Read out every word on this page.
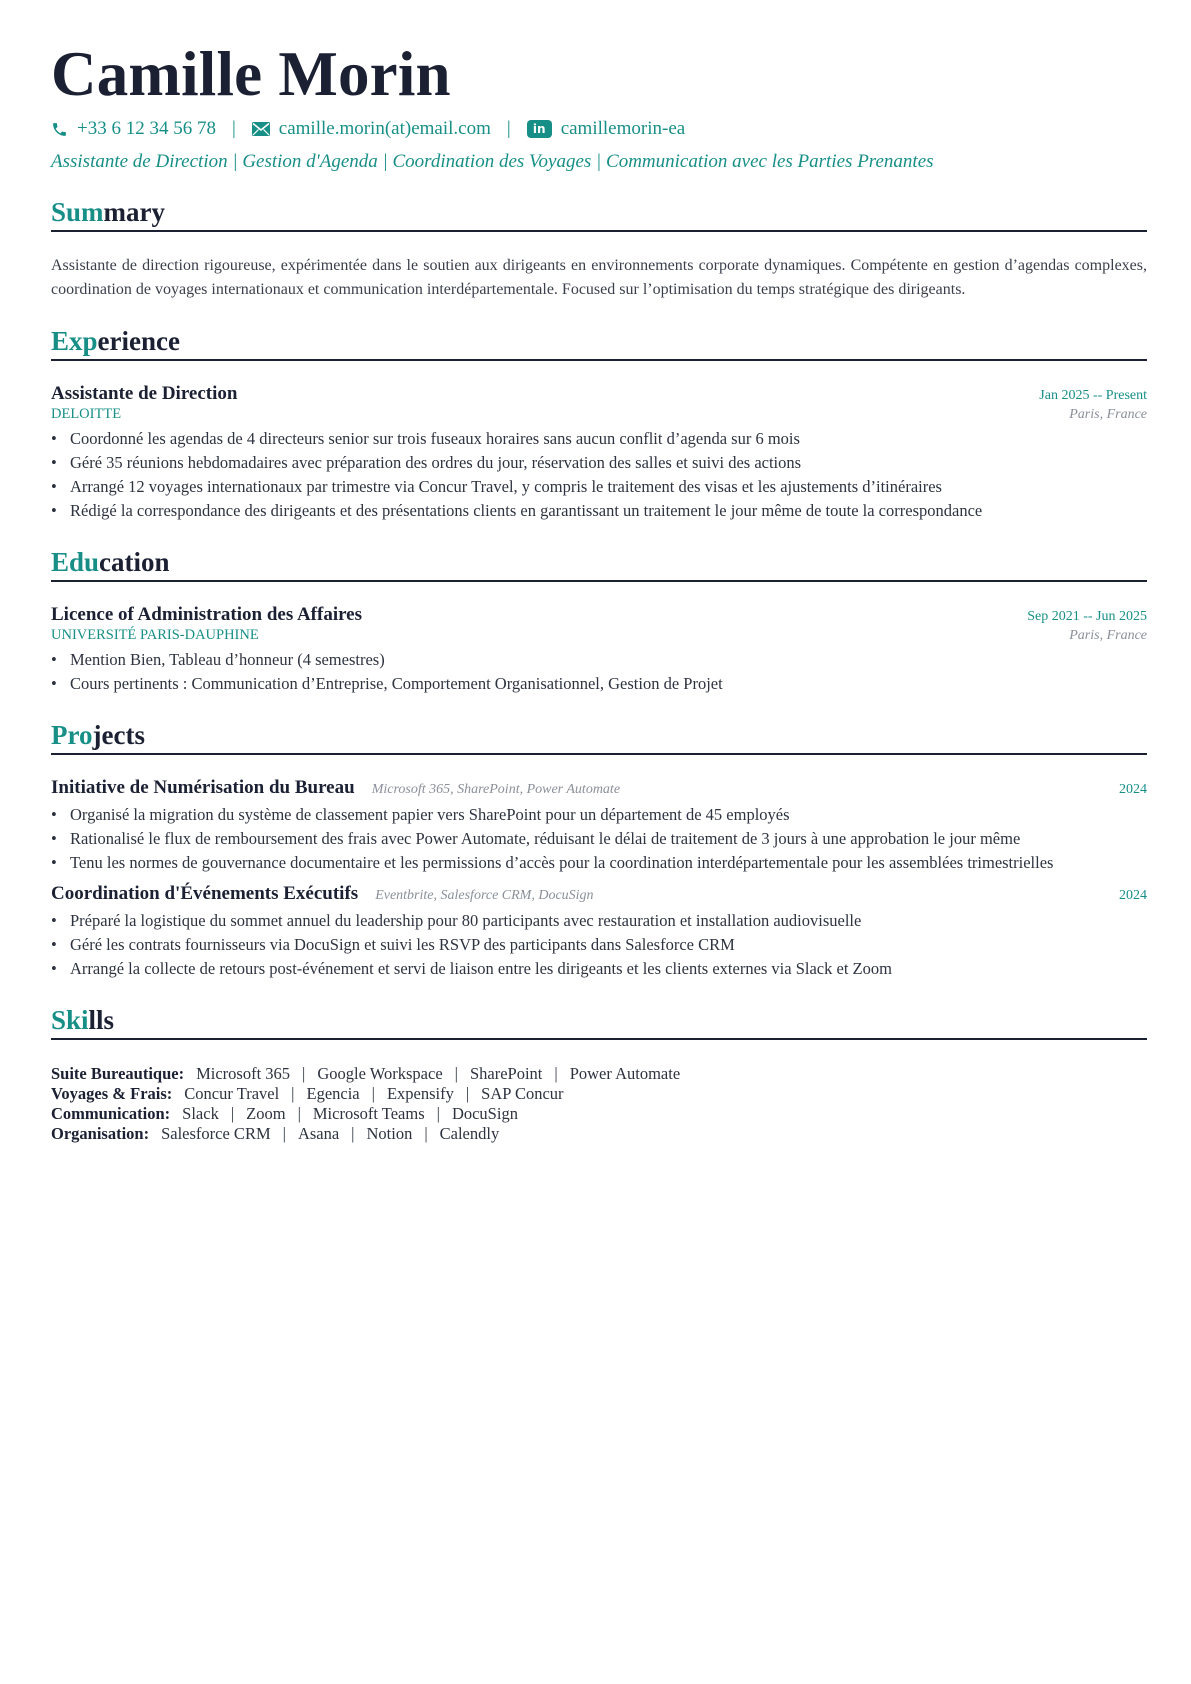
Camille Morin
+33 6 12 34 56 78 | camille.morin(at)email.com |	in camillemorin-ea
Assistante de Direction | Gestion d'Agenda | Coordination des Voyages | Communication avec les Parties Prenantes
Summary
Assistante de direction rigoureuse, expérimentée dans le soutien aux dirigeants en environnements corporate dynamiques. Compétente en gestion d’agendas complexes, coordination de voyages internationaux et communication interdépartementale. Focused sur l’optimisation du temps stratégique des dirigeants.
Experience
Assistante de Direction	Jan 2025 -- Present
DELOITTE	Paris, France
• Coordonné les agendas de 4 directeurs senior sur trois fuseaux horaires sans aucun conflit d’agenda sur 6 mois
• Géré 35 réunions hebdomadaires avec préparation des ordres du jour, réservation des salles et suivi des actions
• Arrangé 12 voyages internationaux par trimestre via Concur Travel, y compris le traitement des visas et les ajustements d’itinéraires
• Rédigé la correspondance des dirigeants et des présentations clients en garantissant un traitement le jour même de toute la correspondance
Education
Licence of Administration des Affaires	Sep 2021 -- Jun 2025
UNIVERSITÉ PARIS-DAUPHINE	Paris, France
• Mention Bien, Tableau d’honneur (4 semestres)
• Cours pertinents : Communication d’Entreprise, Comportement Organisationnel, Gestion de Projet
Projects
Initiative de Numérisation du Bureau Microsoft 365, SharePoint, Power Automate	2024
• Organisé la migration du système de classement papier vers SharePoint pour un département de 45 employés
• Rationalisé le flux de remboursement des frais avec Power Automate, réduisant le délai de traitement de 3 jours à une approbation le jour même
• Tenu les normes de gouvernance documentaire et les permissions d’accès pour la coordination interdépartementale pour les assemblées trimestrielles
Coordination d'Événements Exécutifs Eventbrite, Salesforce CRM, DocuSign	2024
• Préparé la logistique du sommet annuel du leadership pour 80 participants avec restauration et installation audiovisuelle
• Géré les contrats fournisseurs via DocuSign et suivi les RSVP des participants dans Salesforce CRM
• Arrangé la collecte de retours post-événement et servi de liaison entre les dirigeants et les clients externes via Slack et Zoom
Skills
Suite Bureautique: Microsoft 365 | Google Workspace | SharePoint | Power Automate
Voyages & Frais: Concur Travel | Egencia | Expensify | SAP Concur
Communication: Slack | Zoom | Microsoft Teams | DocuSign
Organisation: Salesforce CRM | Asana | Notion | Calendly
